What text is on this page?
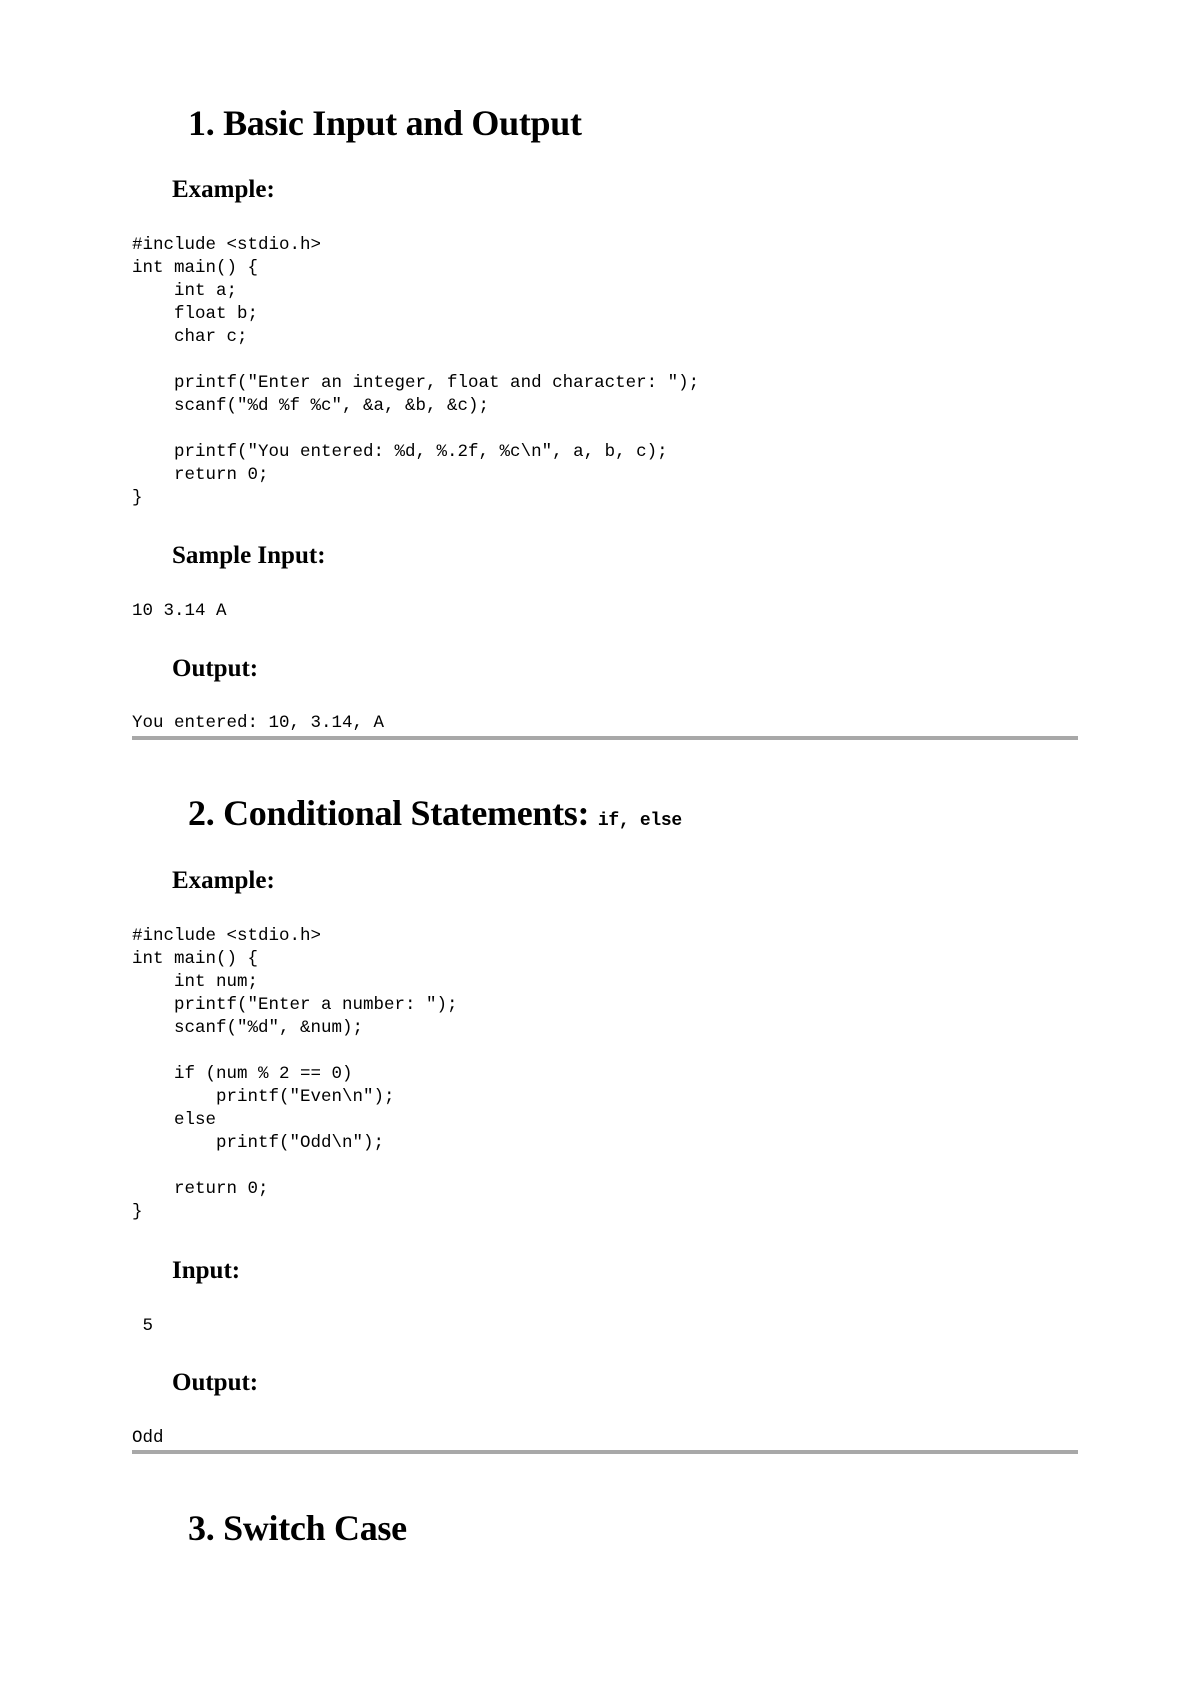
1. Basic Input and Output
Example:
#include <stdio.h>
int main() {
int a;
float b;
char c;

printf("Enter an integer, float and character: ");
scanf("%d %f %c", &a, &b, &c);

printf("You entered: %d, %.2f, %c\n", a, b, c);
return 0;
}
Sample Input:
10 3.14 A
Output:
You entered: 10, 3.14, A
2. Conditional Statements: if, else
Example:
#include <stdio.h>
int main() {
int num;
printf("Enter a number: ");
scanf("%d", &num);

if (num % 2 == 0)
printf("Even\n");
else
printf("Odd\n");

return 0;
}
Input:
5
Output:
Odd
3. Switch Case
